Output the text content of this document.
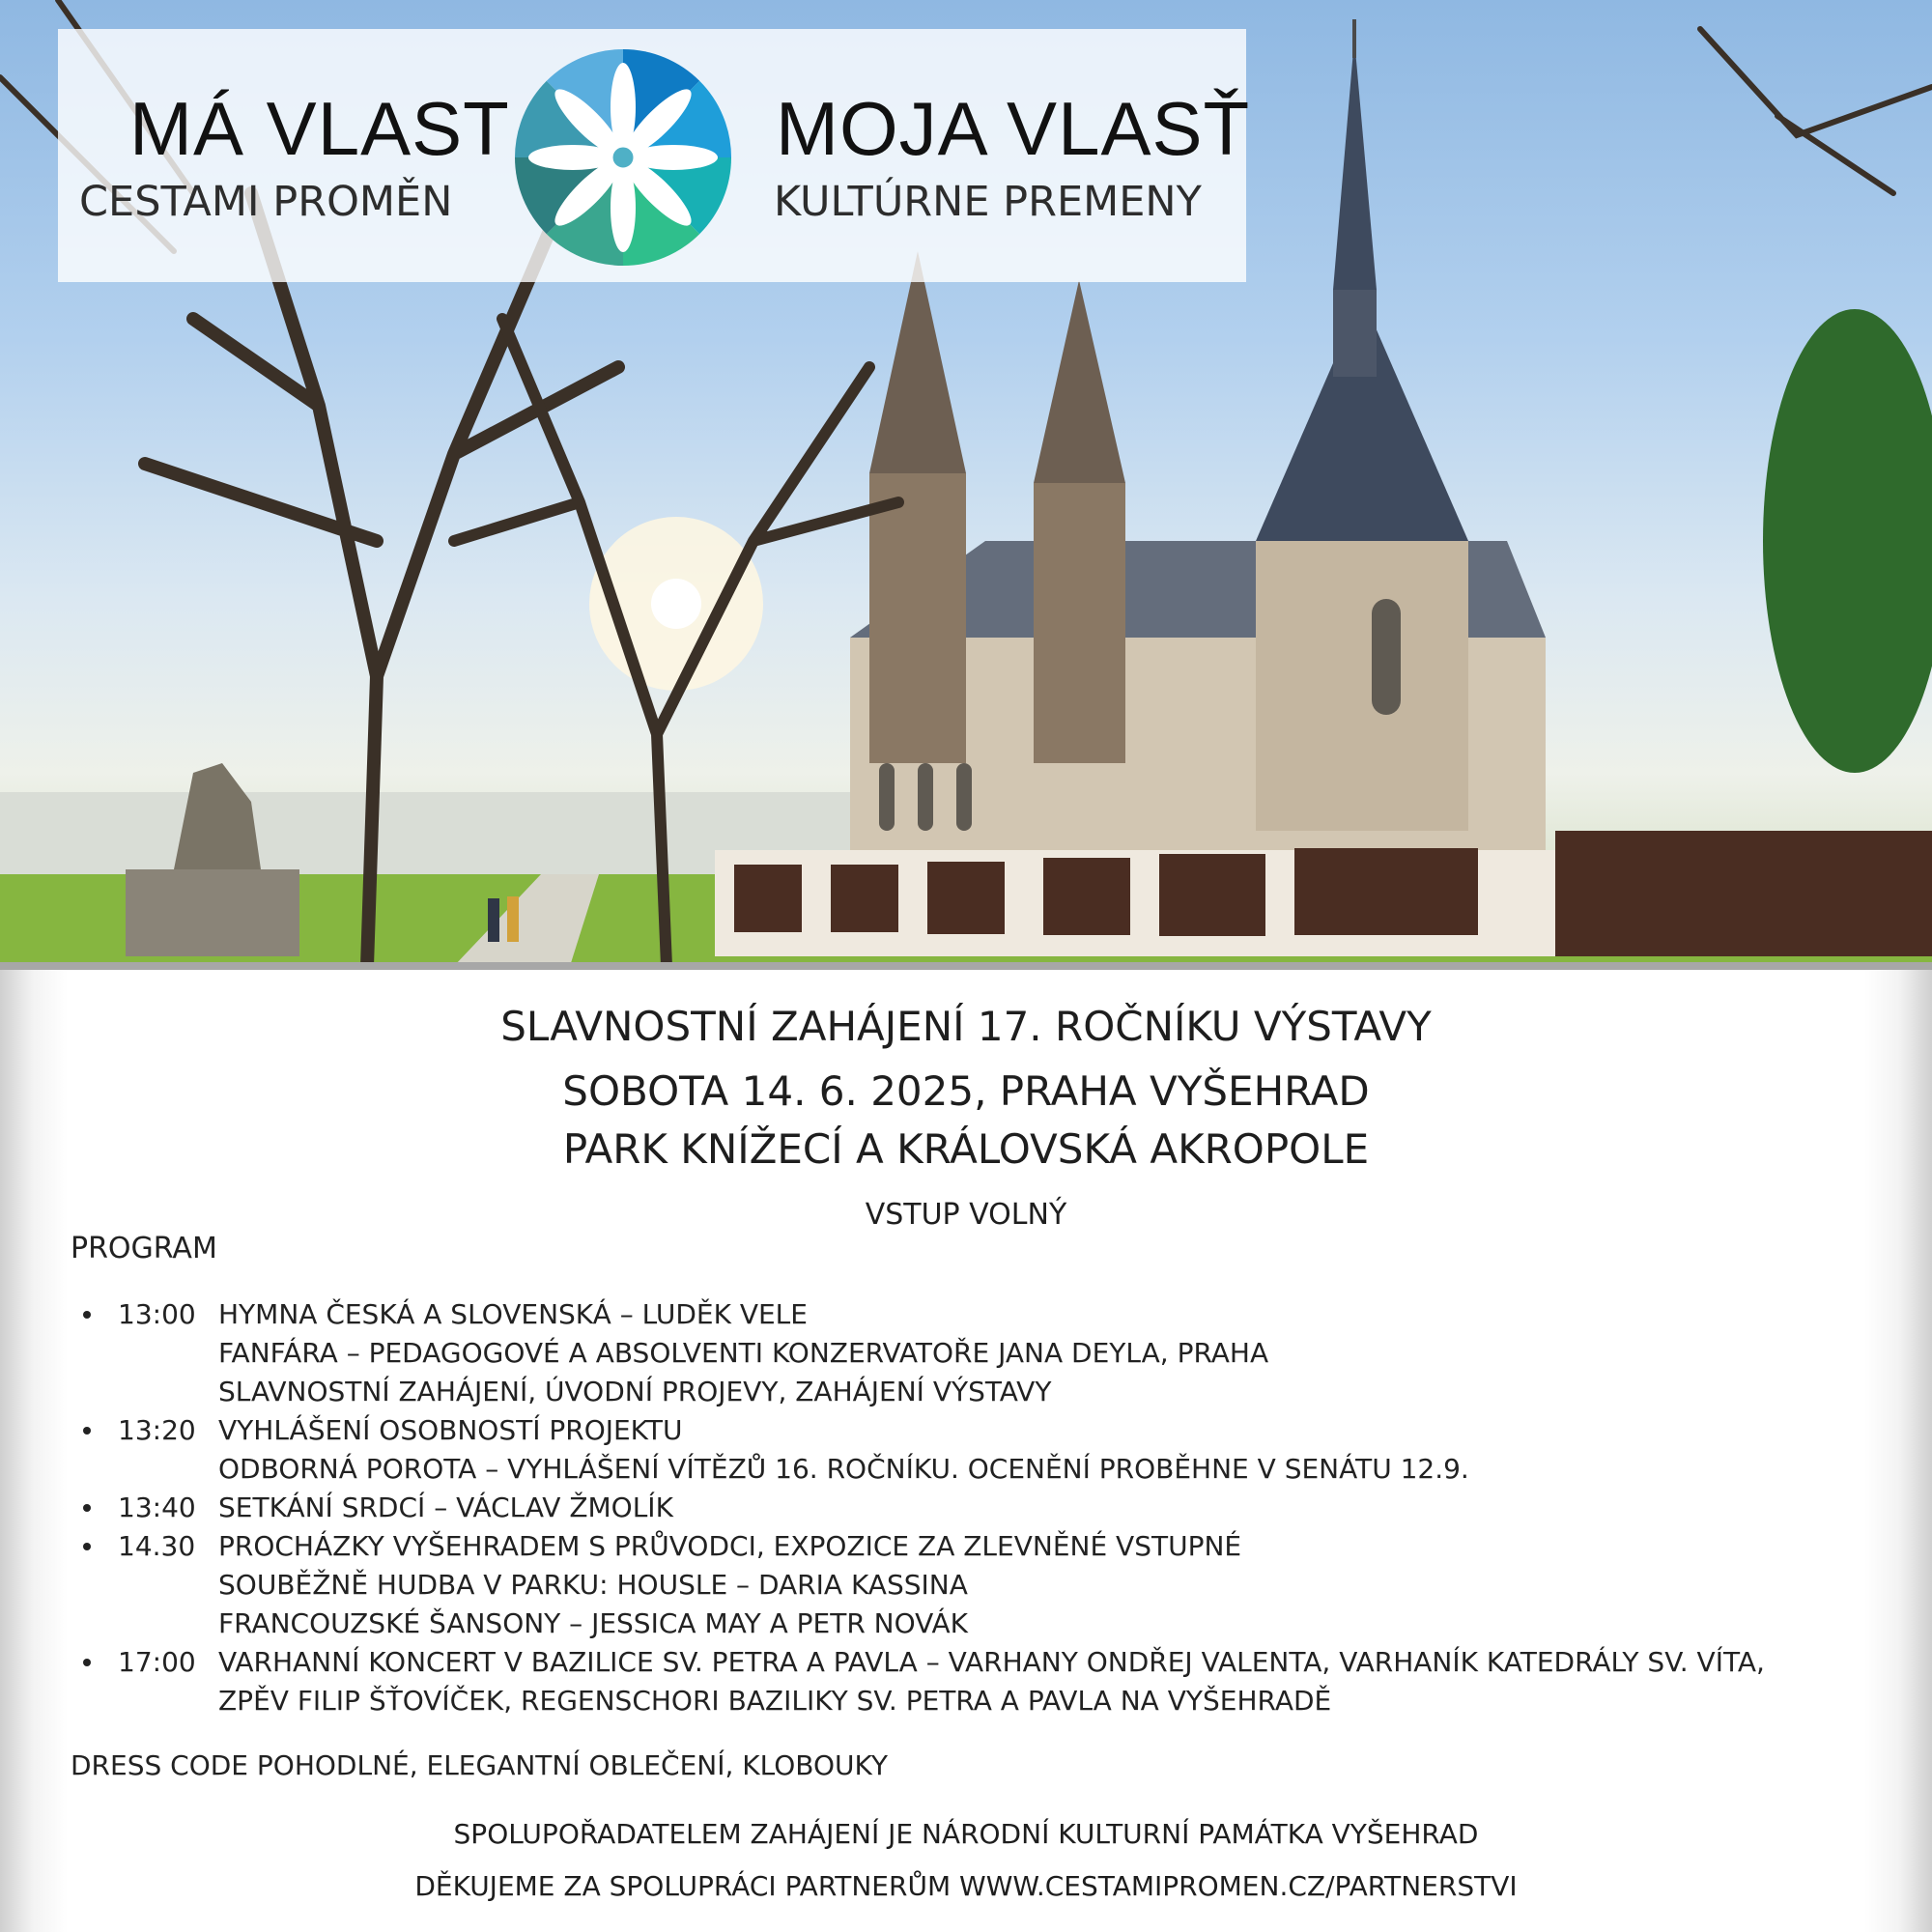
MÁ VLAST
CESTAMI PROMĚN
MOJA VLASŤ
KULTÚRNE PREMENY
SLAVNOSTNÍ ZAHÁJENÍ 17. ROČNÍKU VÝSTAVY
SOBOTA 14. 6. 2025, PRAHA VYŠEHRAD
PARK KNÍŽECÍ A KRÁLOVSKÁ AKROPOLE
VSTUP VOLNÝ
PROGRAM
13:00 HYMNA ČESKÁ A SLOVENSKÁ – LUDĚK VELE
FANFÁRA – PEDAGOGOVÉ A ABSOLVENTI KONZERVATOŘE JANA DEYLA, PRAHA
SLAVNOSTNÍ ZAHÁJENÍ, ÚVODNÍ PROJEVY, ZAHÁJENÍ VÝSTAVY
13:20 VYHLÁŠENÍ OSOBNOSTÍ PROJEKTU
ODBORNÁ POROTA – VYHLÁŠENÍ VÍTĚZŮ 16. ROČNÍKU. OCENĚNÍ PROBĚHNE V SENÁTU 12.9.
13:40 SETKÁNÍ SRDCÍ – VÁCLAV ŽMOLÍK
14.30 PROCHÁZKY VYŠEHRADEM S PRŮVODCI, EXPOZICE ZA ZLEVNĚNÉ VSTUPNÉ
SOUBĚŽNĚ HUDBA V PARKU: HOUSLE – DARIA KASSINA
FRANCOUZSKÉ ŠANSONY – JESSICA MAY A PETR NOVÁK
17:00 VARHANNÍ KONCERT V BAZILICE SV. PETRA A PAVLA – VARHANY ONDŘEJ VALENTA, VARHANÍK KATEDRÁLY SV. VÍTA,
ZPĚV FILIP ŠŤOVÍČEK, REGENSCHORI BAZILIKY SV. PETRA A PAVLA NA VYŠEHRADĚ
DRESS CODE POHODLNÉ, ELEGANTNÍ OBLEČENÍ, KLOBOUKY
SPOLUPOŘADATELEM ZAHÁJENÍ JE NÁRODNÍ KULTURNÍ PAMÁTKA VYŠEHRAD
DĚKUJEME ZA SPOLUPRÁCI PARTNERŮM WWW.CESTAMIPROMEN.CZ/PARTNERSTVI
